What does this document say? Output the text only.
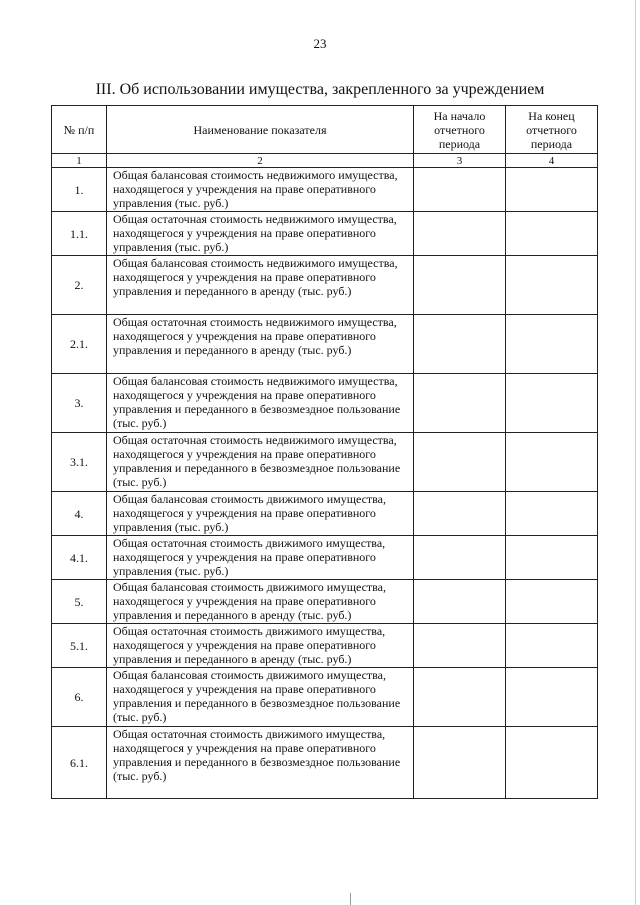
23
III. Об использовании имущества, закрепленного за учреждением
№ п/п	Наименование показателя	На начало отчетного периода	На конец отчетного периода
1	2	3	4
1.	Общая балансовая стоимость недвижимого имущества, находящегося у учреждения на праве оперативного управления (тыс. руб.)		
1.1.	Общая остаточная стоимость недвижимого имущества, находящегося у учреждения на праве оперативного управления (тыс. руб.)		
2.	Общая балансовая стоимость недвижимого имущества, находящегося у учреждения на праве оперативного управления и переданного в аренду (тыс. руб.)		
2.1.	Общая остаточная стоимость недвижимого имущества, находящегося у учреждения на праве оперативного управления и переданного в аренду (тыс. руб.)		
3.	Общая балансовая стоимость недвижимого имущества, находящегося у учреждения на праве оперативного управления и переданного в безвозмездное пользование (тыс. руб.)		
3.1.	Общая остаточная стоимость недвижимого имущества, находящегося у учреждения на праве оперативного управления и переданного в безвозмездное пользование (тыс. руб.)		
4.	Общая балансовая стоимость движимого имущества, находящегося у учреждения на праве оперативного управления (тыс. руб.)		
4.1.	Общая остаточная стоимость движимого имущества, находящегося у учреждения на праве оперативного управления (тыс. руб.)		
5.	Общая балансовая стоимость движимого имущества, находящегося у учреждения на праве оперативного управления и переданного в аренду (тыс. руб.)		
5.1.	Общая остаточная стоимость движимого имущества, находящегося у учреждения на праве оперативного управления и переданного в аренду (тыс. руб.)		
6.	Общая балансовая стоимость движимого имущества, находящегося у учреждения на праве оперативного управления и переданного в безвозмездное пользование (тыс. руб.)		
6.1.	Общая остаточная стоимость движимого имущества, находящегося у учреждения на праве оперативного управления и переданного в безвозмездное пользование (тыс. руб.)		
